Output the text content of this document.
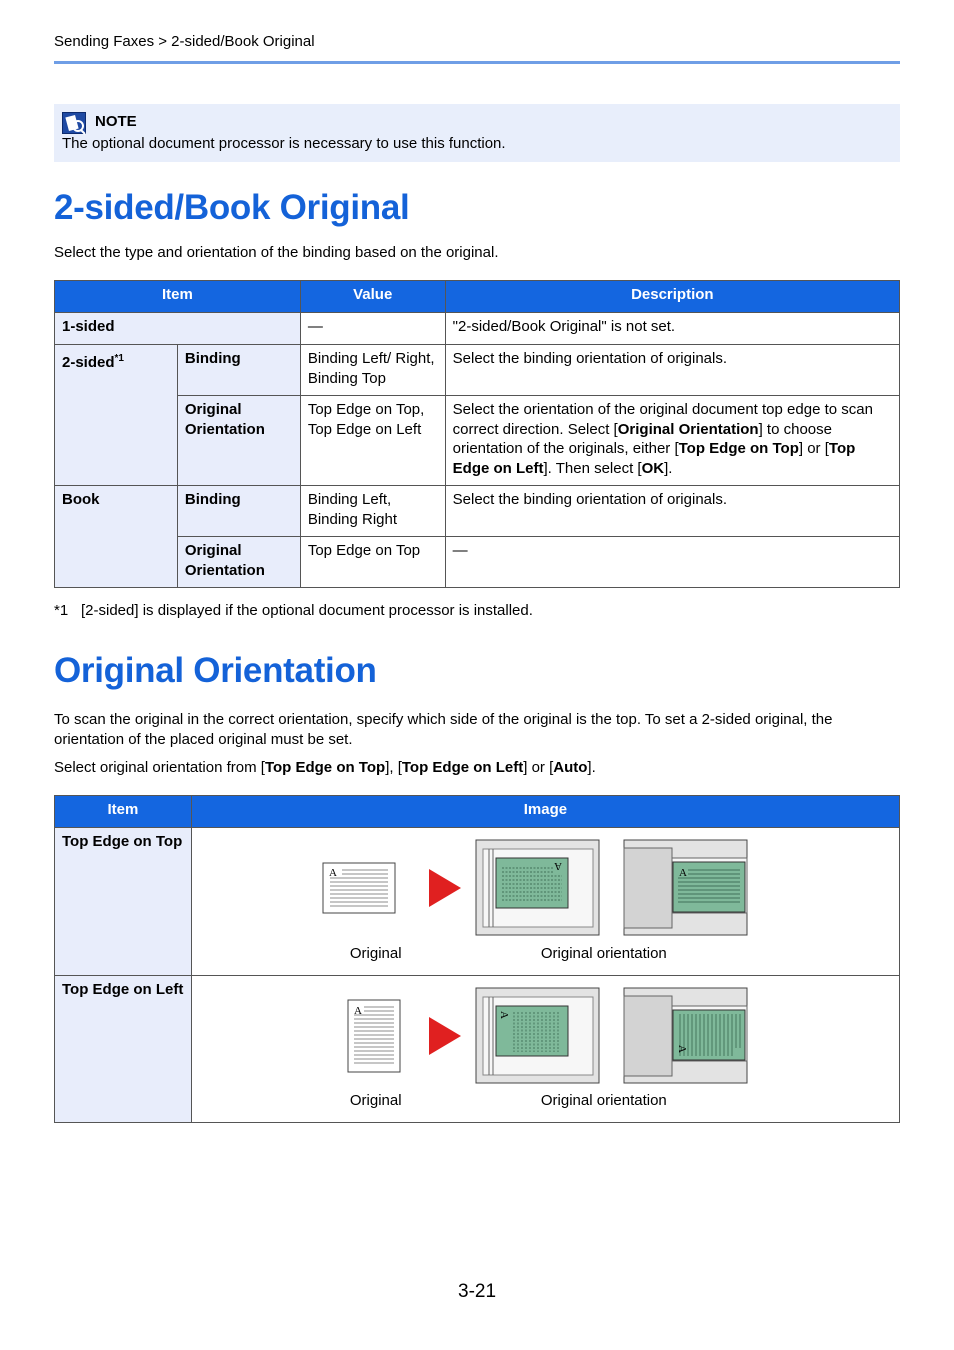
Sending Faxes > 2-sided/Book Original
NOTE
The optional document processor is necessary to use this function.
2-sided/Book Original
Select the type and orientation of the binding based on the original.
Item		Value	Description
1-sided		—	"2-sided/Book Original" is not set.
2-sided$^{*1}$	Binding	Binding Left/ Right, Binding Top	Select the binding orientation of originals.
	Original Orientation	Top Edge on Top, Top Edge on Left	Select the orientation of the original document top edge to scan correct direction. Select [Original Orientation] to choose orientation of the originals, either [Top Edge on Top] or [Top Edge on Left]. Then select [OK].
Book	Binding	Binding Left, Binding Right	Select the binding orientation of originals.
	Original Orientation	Top Edge on Top	—
*1 [2-sided] is displayed if the optional document processor is installed.
Original Orientation
To scan the original in the correct orientation, specify which side of the original is the top. To set a 2-sided original, the orientation of the placed original must be set.
Select original orientation from [Top Edge on Top], [Top Edge on Left] or [Auto].
Item	Image
Top Edge on Top	A
A
A
Original Original orientation

Top Edge on Left	A A
A
Original Original orientation
3-21
